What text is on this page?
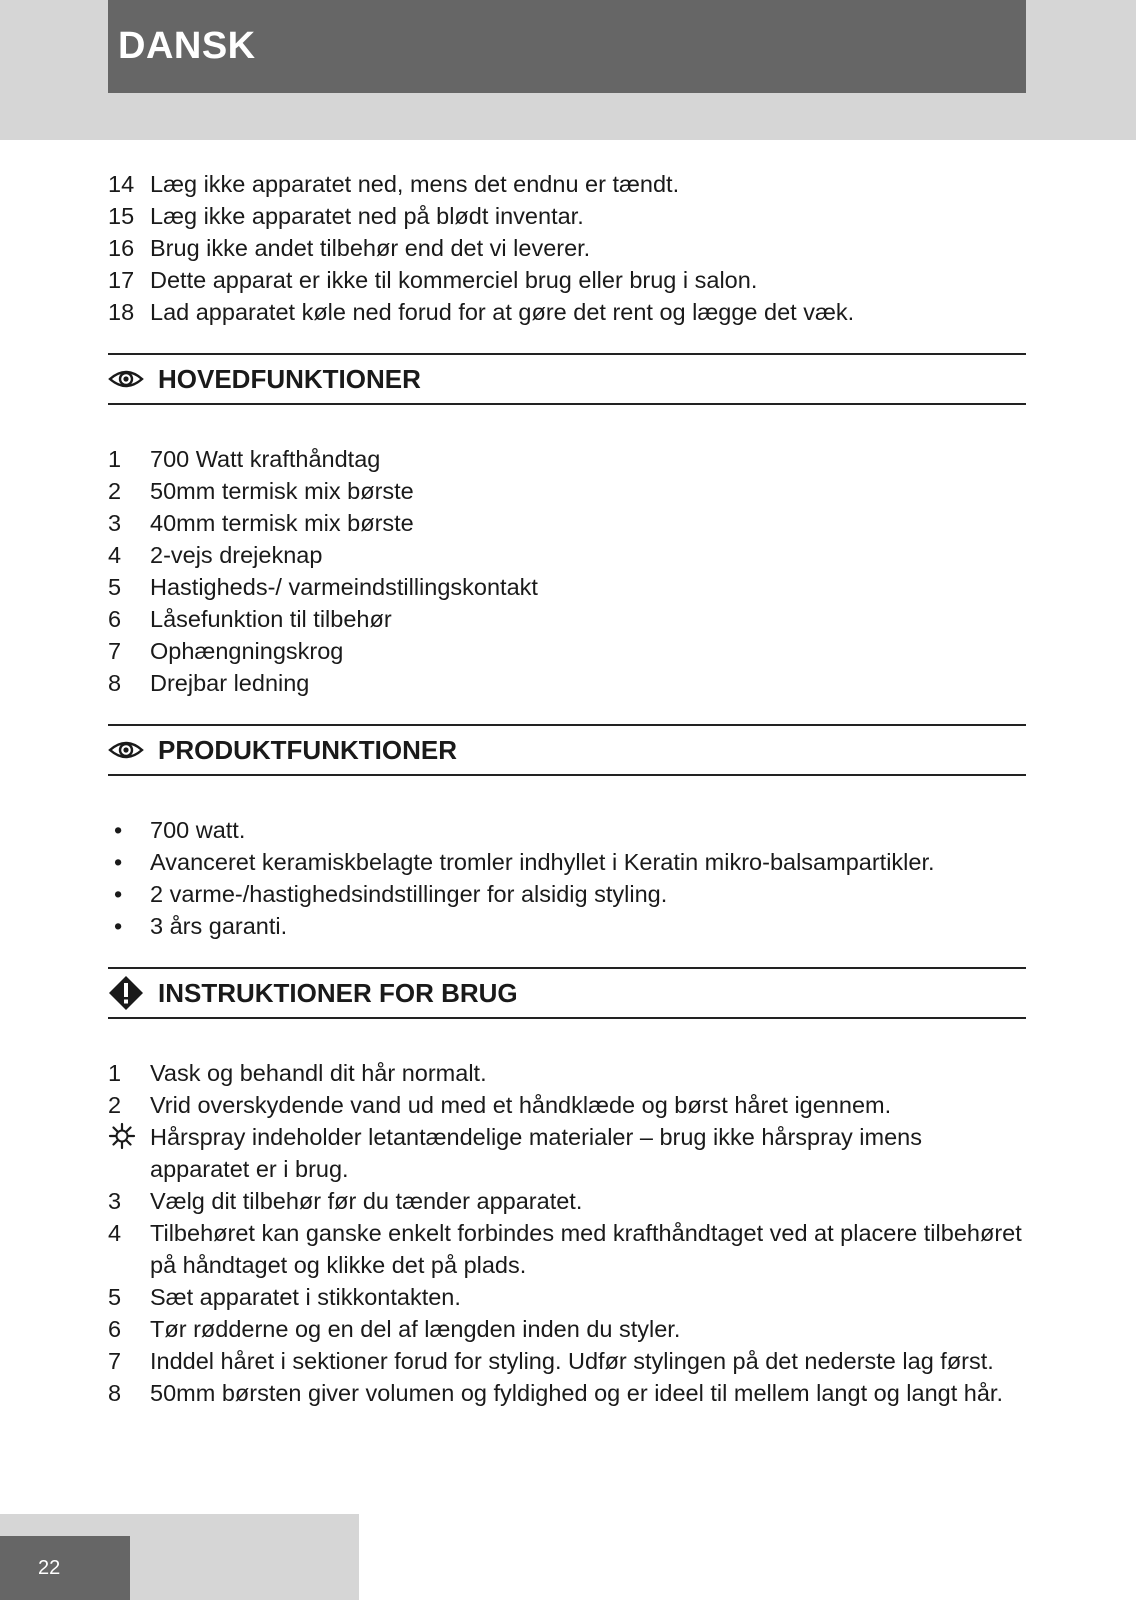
DANSK
14 Læg ikke apparatet ned, mens det endnu er tændt.
15 Læg ikke apparatet ned på blødt inventar.
16 Brug ikke andet tilbehør end det vi leverer.
17 Dette apparat er ikke til kommerciel brug eller brug i salon.
18 Lad apparatet køle ned forud for at gøre det rent og lægge det væk.
HOVEDFUNKTIONER
1	700 Watt krafthåndtag
2	50mm termisk mix børste
3	40mm termisk mix børste
4	2-vejs drejeknap
5	Hastigheds-/ varmeindstillingskontakt
6	Låsefunktion til tilbehør
7	Ophængningskrog
8	Drejbar ledning
PRODUKTFUNKTIONER
•	700 watt.
•	Avanceret keramiskbelagte tromler indhyllet i Keratin mikro-balsampartikler.
•	2 varme-/hastighedsindstillinger for alsidig styling.
•	3 års garanti.
INSTRUKTIONER FOR BRUG
1	Vask og behandl dit hår normalt.
2	Vrid overskydende vand ud med et håndklæde og børst håret igennem.
Hårspray indeholder letantændelige materialer – brug ikke hårspray imens apparatet er i brug.
3	Vælg dit tilbehør før du tænder apparatet.
4	Tilbehøret kan ganske enkelt forbindes med krafthåndtaget ved at placere tilbehøret på håndtaget og klikke det på plads.
5	Sæt apparatet i stikkontakten.
6	Tør rødderne og en del af længden inden du styler.
7	Inddel håret i sektioner forud for styling. Udfør stylingen på det nederste lag først.
8	50mm børsten giver volumen og fyldighed og er ideel til mellem langt og langt hår.
22
